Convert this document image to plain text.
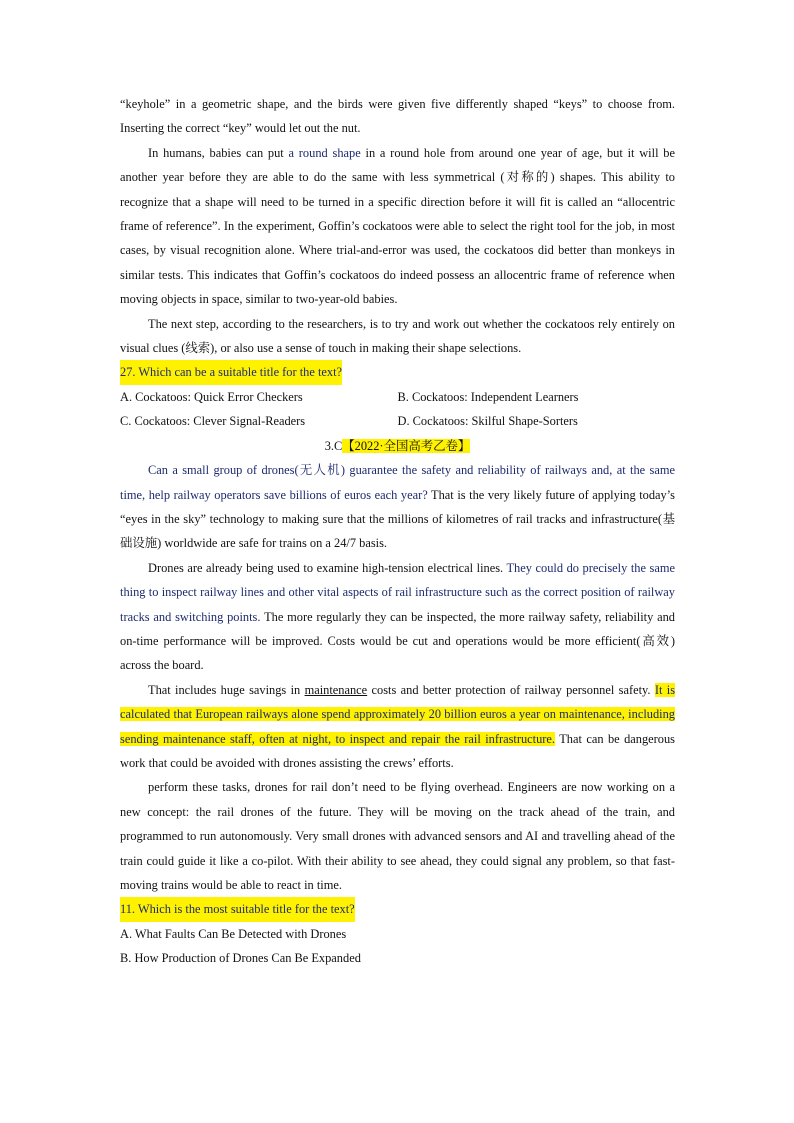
“keyhole” in a geometric shape, and the birds were given five differently shaped “keys” to choose from. Inserting the correct “key” would let out the nut.

In humans, babies can put a round shape in a round hole from around one year of age, but it will be another year before they are able to do the same with less symmetrical (对称的) shapes. This ability to recognize that a shape will need to be turned in a specific direction before it will fit is called an “allocentric frame of reference”. In the experiment, Goffin’s cockatoos were able to select the right tool for the job, in most cases, by visual recognition alone. Where trial-and-error was used, the cockatoos did better than monkeys in similar tests. This indicates that Goffin’s cockatoos do indeed possess an allocentric frame of reference when moving objects in space, similar to two-year-old babies.

The next step, according to the researchers, is to try and work out whether the cockatoos rely entirely on visual clues (线索), or also use a sense of touch in making their shape selections.

27. Which can be a suitable title for the text?

A. Cockatoos: Quick Error Checkers	B. Cockatoos: Independent Learners
C. Cockatoos: Clever Signal-Readers	D. Cockatoos: Skilful Shape-Sorters

3.C【2022·全国高考乙卷】

Can a small group of drones(无人机) guarantee the safety and reliability of railways and, at the same time, help railway operators save billions of euros each year? That is the very likely future of applying today’s “eyes in the sky” technology to making sure that the millions of kilometres of rail tracks and infrastructure(基础设施) worldwide are safe for trains on a 24/7 basis.

Drones are already being used to examine high-tension electrical lines. They could do precisely the same thing to inspect railway lines and other vital aspects of rail infrastructure such as the correct position of railway tracks and switching points. The more regularly they can be inspected, the more railway safety, reliability and on-time performance will be improved. Costs would be cut and operations would be more efficient(高效) across the board.

That includes huge savings in maintenance costs and better protection of railway personnel safety. It is calculated that European railways alone spend approximately 20 billion euros a year on maintenance, including sending maintenance staff, often at night, to inspect and repair the rail infrastructure. That can be dangerous work that could be avoided with drones assisting the crews’ efforts.

perform these tasks, drones for rail don’t need to be flying overhead. Engineers are now working on a new concept: the rail drones of the future. They will be moving on the track ahead of the train, and programmed to run autonomously. Very small drones with advanced sensors and AI and travelling ahead of the train could guide it like a co-pilot. With their ability to see ahead, they could signal any problem, so that fast-moving trains would be able to react in time.

11. Which is the most suitable title for the text?

A. What Faults Can Be Detected with Drones

B. How Production of Drones Can Be Expanded
